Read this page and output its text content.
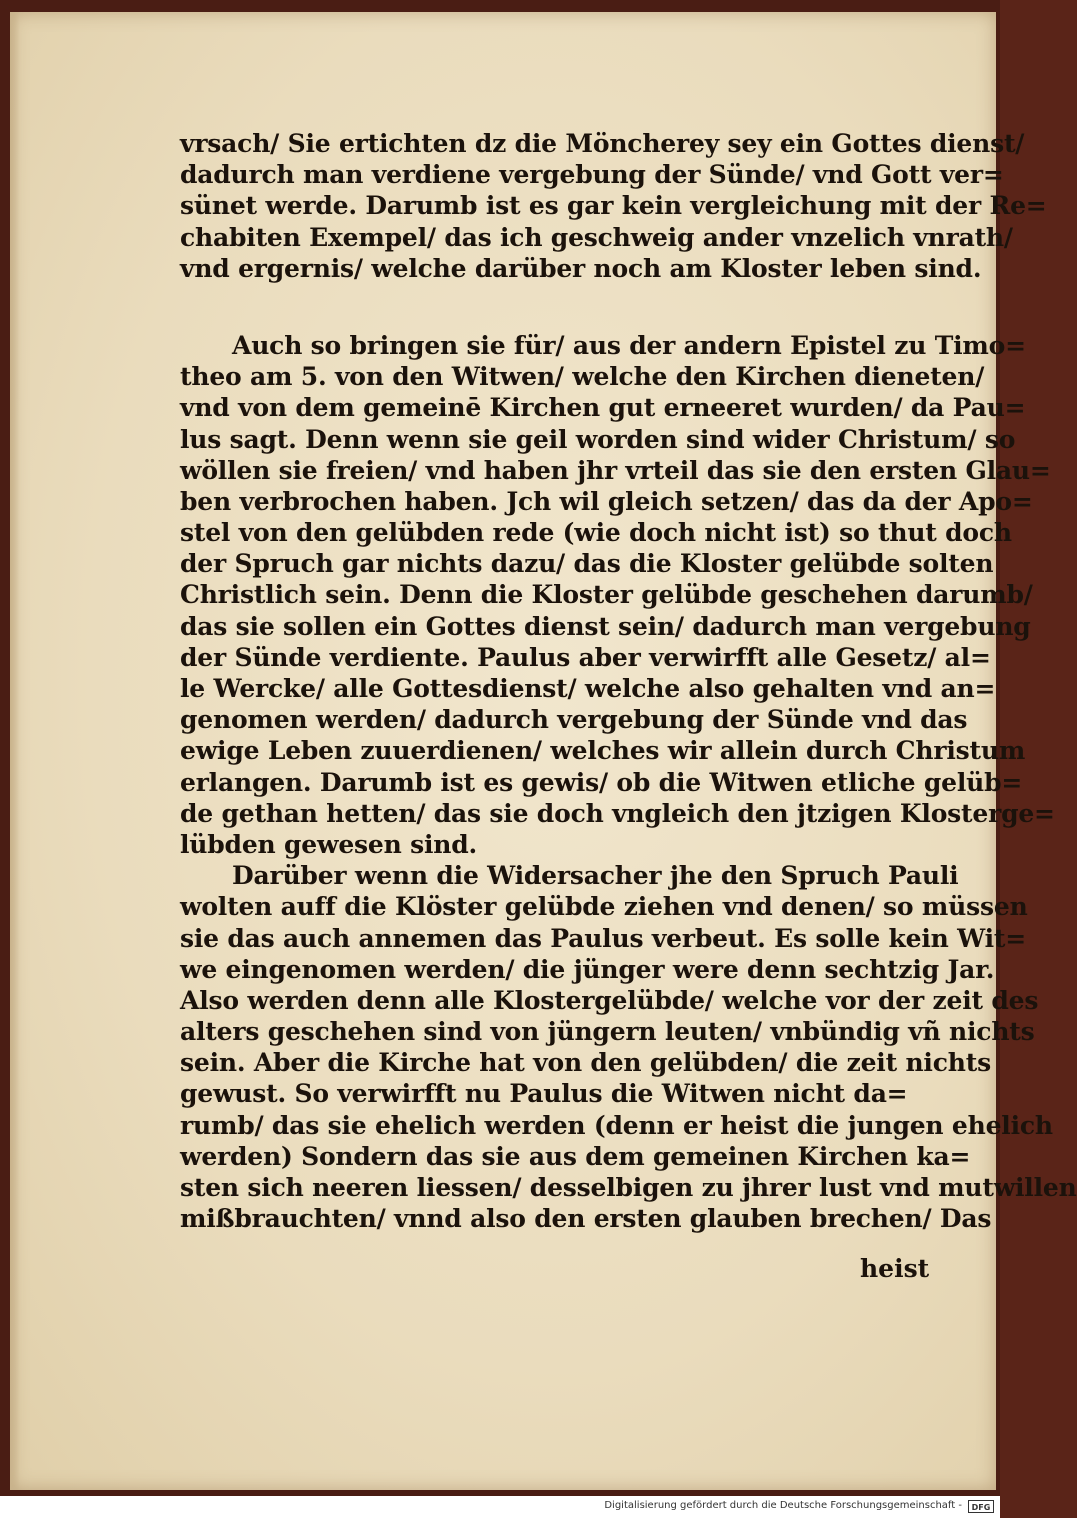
vrsach/ Sie ertichten dz die Möncherey sey ein Gottes dienst/
dadurch man verdiene vergebung der Sünde/ vnd Gott ver=
sünet werde. Darumb ist es gar kein vergleichung mit der Re=
chabiten Exempel/ das ich geschweig ander vnzelich vnrath/
vnd ergernis/ welche darüber noch am Kloster leben sind.
Auch so bringen sie für/ aus der andern Epistel zu Timo=
theo am 5. von den Witwen/ welche den Kirchen dieneten/
vnd von dem gemeinē Kirchen gut erneeret wurden/ da Pau=
lus sagt. Denn wenn sie geil worden sind wider Christum/ so
wöllen sie freien/ vnd haben jhr vrteil das sie den ersten Glau=
ben verbrochen haben. Jch wil gleich setzen/ das da der Apo=
stel von den gelübden rede (wie doch nicht ist) so thut doch
der Spruch gar nichts dazu/ das die Kloster gelübde solten
Christlich sein. Denn die Kloster gelübde geschehen darumb/
das sie sollen ein Gottes dienst sein/ dadurch man vergebung
der Sünde verdiente. Paulus aber verwirfft alle Gesetz/ al=
le Wercke/ alle Gottesdienst/ welche also gehalten vnd an=
genomen werden/ dadurch vergebung der Sünde vnd das
ewige Leben zuuerdienen/ welches wir allein durch Christum
erlangen. Darumb ist es gewis/ ob die Witwen etliche gelüb=
de gethan hetten/ das sie doch vngleich den jtzigen Klosterge=
lübden gewesen sind.
Darüber wenn die Widersacher jhe den Spruch Pauli
wolten auff die Klöster gelübde ziehen vnd denen/ so müssen
sie das auch annemen das Paulus verbeut. Es solle kein Wit=
we eingenomen werden/ die jünger were denn sechtzig Jar.
Also werden denn alle Klostergelübde/ welche vor der zeit des
alters geschehen sind von jüngern leuten/ vnbündig vñ nichts
sein. Aber die Kirche hat von den gelübden/ die zeit nichts
gewust. So verwirfft nu Paulus die Witwen nicht da=
rumb/ das sie ehelich werden (denn er heist die jungen ehelich
werden) Sondern das sie aus dem gemeinen Kirchen ka=
sten sich neeren liessen/ desselbigen zu jhrer lust vnd mutwillen
mißbrauchten/ vnnd also den ersten glauben brechen/ Das
heist
Digitalisierung gefördert durch die Deutsche Forschungsgemeinschaft -	DFG
